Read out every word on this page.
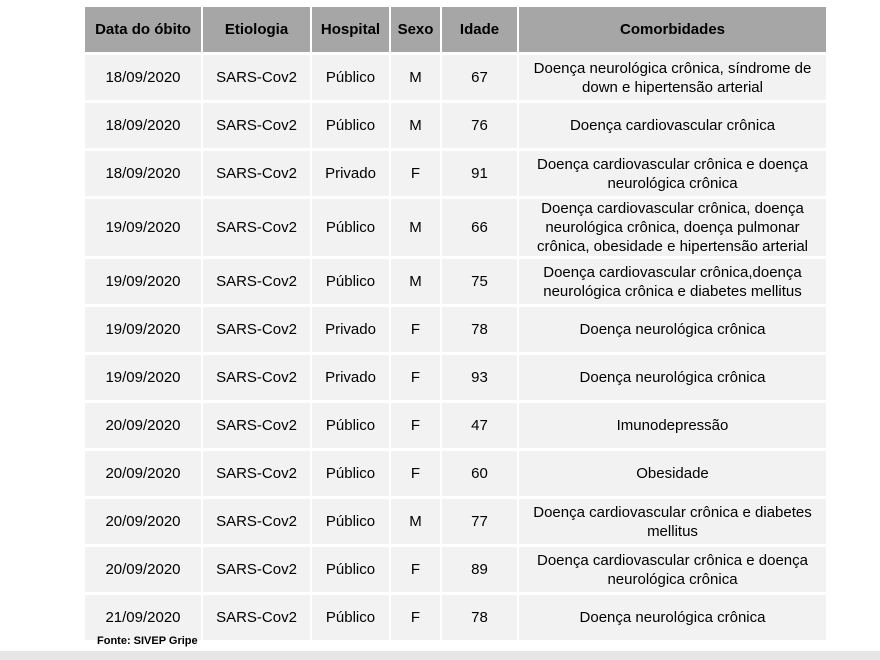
Data do óbito	Etiologia	Hospital	Sexo	Idade	Comorbidades
18/09/2020	SARS-Cov2	Público	M	67	Doença neurológica crônica, síndrome de down e hipertensão arterial
18/09/2020	SARS-Cov2	Público	M	76	Doença cardiovascular crônica
18/09/2020	SARS-Cov2	Privado	F	91	Doença cardiovascular crônica e doença neurológica crônica
19/09/2020	SARS-Cov2	Público	M	66	Doença cardiovascular crônica, doença neurológica crônica, doença pulmonar crônica, obesidade e hipertensão arterial
19/09/2020	SARS-Cov2	Público	M	75	Doença cardiovascular crônica,doença neurológica crônica e diabetes mellitus
19/09/2020	SARS-Cov2	Privado	F	78	Doença neurológica crônica
19/09/2020	SARS-Cov2	Privado	F	93	Doença neurológica crônica
20/09/2020	SARS-Cov2	Público	F	47	Imunodepressão
20/09/2020	SARS-Cov2	Público	F	60	Obesidade
20/09/2020	SARS-Cov2	Público	M	77	Doença cardiovascular crônica e diabetes mellitus
20/09/2020	SARS-Cov2	Público	F	89	Doença cardiovascular crônica e doença neurológica crônica
21/09/2020	SARS-Cov2	Público	F	78	Doença neurológica crônica
Fonte: SIVEP Gripe
